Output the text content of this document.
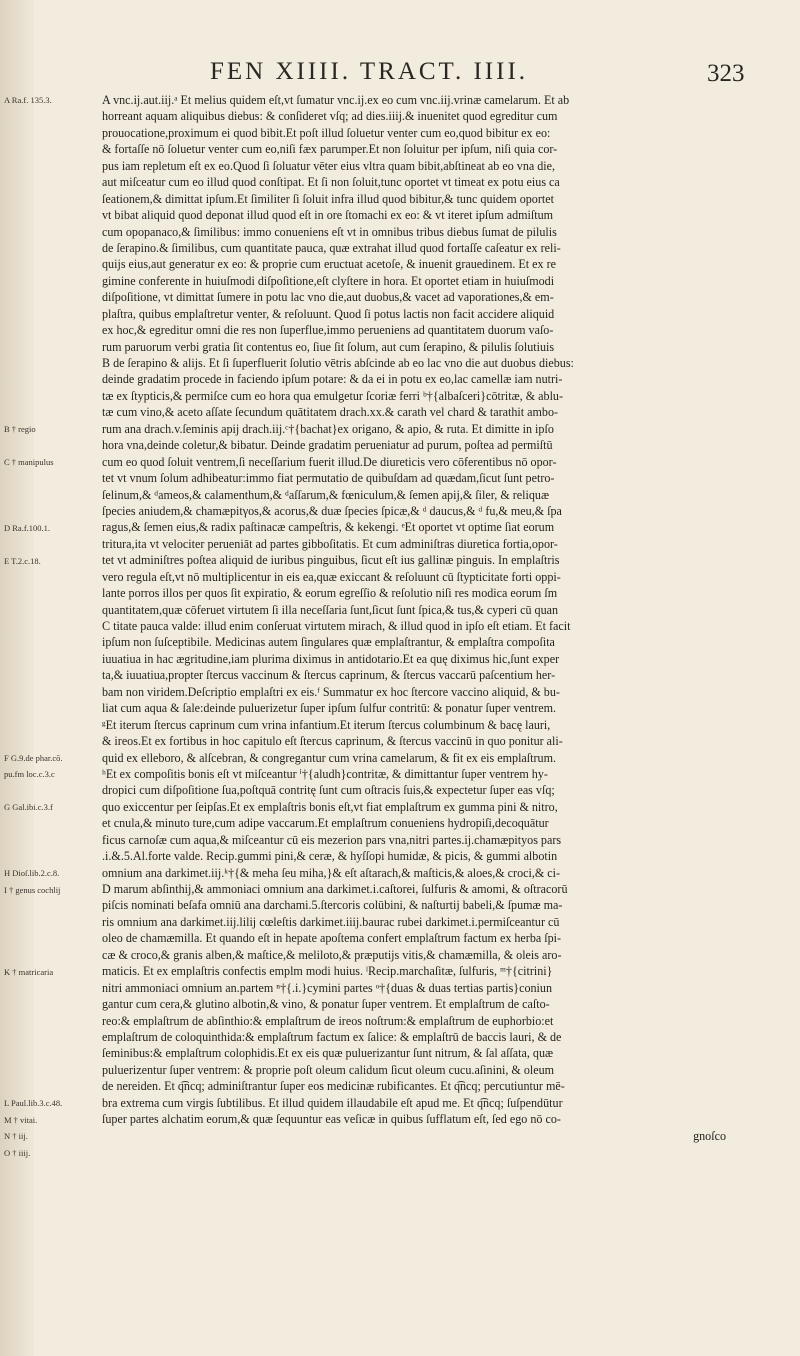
FEN XIIII. TRACT. IIII.	323
A Ra.f. 135.3.
B † regio
C † manipulus
D Ra.f.100.1.
E T.2.c.18.
F G.9.de phar.cō.
pu.fm loc.c.3.c
G Gal.ibi.c.3.f
H Dioſ.lib.2.c.8.
I † genus cochlij
K † matricaria
L Paul.lib.3.c.48.
M † vitai.
N † iij.
O † iiij.
A vnc.ij.aut.iij.ᵃ Et melius quidem eſt,vt ſumatur vnc.ij.ex eo cum vnc.iij.vrinæ camelarum. Et ab
horreant aquam aliquibus diebus: & conſideret vſq; ad dies.iiij.& inuenitet quod egreditur cum
prouocatione,proximum ei quod bibit.Et poſt illud ſoluetur venter cum eo,quod bibitur ex eo:
& fortaſſe nō ſoluetur venter cum eo,niſi fæx parumper.Et non ſoluitur per ipſum, niſi quia cor-
pus iam repletum eſt ex eo.Quod ſi ſoluatur vēter eius vltra quam bibit,abſtineat ab eo vna die,
aut miſceatur cum eo illud quod conſtipat. Et ſi non ſoluit,tunc oportet vt timeat ex potu eius ca
ſeationem,& dimittat ipſum.Et ſimiliter ſi ſoluit infra illud quod bibitur,& tunc quidem oportet
vt bibat aliquid quod deponat illud quod eſt in ore ſtomachi ex eo: & vt iteret ipſum admiſtum
cum opopanaco,& ſimilibus: immo conueniens eſt vt in omnibus tribus diebus ſumat de pilulis
de ſerapino.& ſimilibus, cum quantitate pauca, quæ extrahat illud quod fortaſſe caſeatur ex reli-
quijs eius,aut generatur ex eo: & proprie cum eructuat acetoſe, & inuenit grauedinem. Et ex re
gimine conferente in huiuſmodi diſpoſitione,eſt clyſtere in hora. Et oportet etiam in huiuſmodi
diſpoſitione, vt dimittat ſumere in potu lac vno die,aut duobus,& vacet ad vaporationes,& em-
plaſtra, quibus emplaſtretur venter, & reſoluunt. Quod ſi potus lactis non facit accidere aliquid
ex hoc,& egreditur omni die res non ſuperflue,immo perueniens ad quantitatem duorum vaſo-
rum paruorum verbi gratia ſit contentus eo, ſiue ſit ſolum, aut cum ſerapino, & pilulis ſolutiuis
B de ſerapino & alijs. Et ſi ſuperfluerit ſolutio vētris abſcinde ab eo lac vno die aut duobus diebus:
deinde gradatim procede in faciendo ipſum potare: & da ei in potu ex eo,lac camellæ iam nutri-
tæ ex ſtypticis,& permiſce cum eo hora qua emulgetur ſcoriæ ferri ᵇ†{albaſceri}cōtritæ, & ablu-
tæ cum vino,& aceto aſſate ſecundum quātitatem drach.xx.& carath vel chard & tarathit ambo-
rum ana drach.v.ſeminis apij drach.iij.ᶜ†{bachat}ex origano, & apio, & ruta. Et dimitte in ipſo
hora vna,deinde coletur,& bibatur. Deinde gradatim perueniatur ad purum, poſtea ad permiſtū
cum eo quod ſoluit ventrem,ſi neceſſarium fuerit illud.De diureticis vero cōferentibus nō opor-
tet vt vnum ſolum adhibeatur:immo fiat permutatio de quibuſdam ad quædam,ſicut ſunt petro-
ſelinum,& ᵈameos,& calamenthum,& ᵈaſſarum,& fœniculum,& ſemen apij,& ſiler, & reliquæ
ſpecies aniudem,& chamæpitγos,& acorus,& duæ ſpecies ſpicæ,& ᵈ daucus,& ᵈ fu,& meu,& ſpa
ragus,& ſemen eius,& radix paſtinacæ campeſtris, & kekengi. ᵉEt oportet vt optime ſiat eorum
tritura,ita vt velociter perueniāt ad partes gibboſitatis. Et cum adminiſtras diuretica fortia,opor-
tet vt adminiſtres poſtea aliquid de iuribus pinguibus, ſicut eſt ius gallinæ pinguis. In emplaſtris
vero regula eſt,vt nō multiplicentur in eis ea,quæ exiccant & reſoluunt cū ſtypticitate forti oppi-
lante porros illos per quos ſit expiratio, & eorum egreſſio & reſolutio niſi res modica eorum ſm
quantitatem,quæ cōferuet virtutem ſi illa neceſſaria ſunt,ſicut ſunt ſpica,& tus,& cyperi cū quan
C titate pauca valde: illud enim conſeruat virtutem mirach, & illud quod in ipſo eſt etiam. Et facit
ipſum non ſuſceptibile. Medicinas autem ſingulares quæ emplaſtrantur, & emplaſtra compoſita
iuuatiua in hac ægritudine,iam plurima diximus in antidotario.Et ea quę diximus hic,ſunt exper
ta,& iuuatiua,propter ſtercus vaccinum & ſtercus caprinum, & ſtercus vaccarū paſcentium her-
bam non viridem.Deſcriptio emplaſtri ex eis.ᶠ Summatur ex hoc ſtercore vaccino aliquid, & bu-
liat cum aqua & ſale:deinde puluerizetur ſuper ipſum ſulfur contritū: & ponatur ſuper ventrem.
ᵍEt iterum ſtercus caprinum cum vrina infantium.Et iterum ſtercus columbinum & bacę lauri,
& ireos.Et ex fortibus in hoc capitulo eſt ſtercus caprinum, & ſtercus vaccinū in quo ponitur ali-
quid ex elleboro, & alſcebran, & congregantur cum vrina camelarum, & fit ex eis emplaſtrum.
ʰEt ex compoſitis bonis eſt vt miſceantur ⁱ†{aludh}contritæ, & dimittantur ſuper ventrem hy-
dropici cum diſpoſitione ſua,poſtquā contritę ſunt cum oſtracis ſuis,& expectetur ſuper eas vſq;
quo exiccentur per ſeipſas.Et ex emplaſtris bonis eſt,vt fiat emplaſtrum ex gumma pini & nitro,
et cnula,& minuto ture,cum adipe vaccarum.Et emplaſtrum conueniens hydropiſi,decoquātur
ficus carnoſæ cum aqua,& miſceantur cū eis mezerion pars vna,nitri partes.ij.chamæpityos pars
.i.&.5.Al.forte valde. Recip.gummi pini,& ceræ, & hyſſopi humidæ, & picis, & gummi albotin
omnium ana darkimet.iij.ᵏ†{& meha ſeu miha,}& eſt aſtarach,& maſticis,& aloes,& croci,& ci-
D marum abſinthij,& ammoniaci omnium ana darkimet.i.caſtorei, ſulfuris & amomi, & oſtracorū
piſcis nominati beſafa omniū ana darchami.5.ſtercoris colūbini, & naſturtij babeli,& ſpumæ ma-
ris omnium ana darkimet.iij.lilij cœleſtis darkimet.iiij.baurac rubei darkimet.i.permiſceantur cū
oleo de chamæmilla. Et quando eſt in hepate apoſtema confert emplaſtrum factum ex herba ſpi-
cæ & croco,& granis alben,& maſtice,& meliloto,& præputijs vitis,& chamæmilla, & oleis aro-
maticis. Et ex emplaſtris confectis emplm modi huius. ˡRecip.marchaſitæ, ſulfuris, ᵐ†{citrini}
nitri ammoniaci omnium an.partem ⁿ†{.i.}cymini partes ᵒ†{duas & duas tertias partis}coniun
gantur cum cera,& glutino albotin,& vino, & ponatur ſuper ventrem. Et emplaſtrum de caſto-
reo:& emplaſtrum de abſinthio:& emplaſtrum de ireos noſtrum:& emplaſtrum de euphorbio:et
emplaſtrum de coloquinthida:& emplaſtrum factum ex ſalice: & emplaſtrū de baccis lauri, & de
ſeminibus:& emplaſtrum colophidis.Et ex eis quæ puluerizantur ſunt nitrum, & ſal aſſata, quæ
puluerizentur ſuper ventrem: & proprie poſt oleum calidum ſicut oleum cucu.aſinini, & oleum
de nereiden. Et q͡ncq; adminiſtrantur ſuper eos medicinæ rubificantes. Et q͡ncq; percutiuntur mē-
bra extrema cum virgis ſubtilibus. Et illud quidem illaudabile eſt apud me. Et q͡ncq; ſuſpendūtur
ſuper partes alchatim eorum,& quæ ſequuntur eas veſicæ in quibus ſufflatum eſt, ſed ego nō co-
gnoſco
